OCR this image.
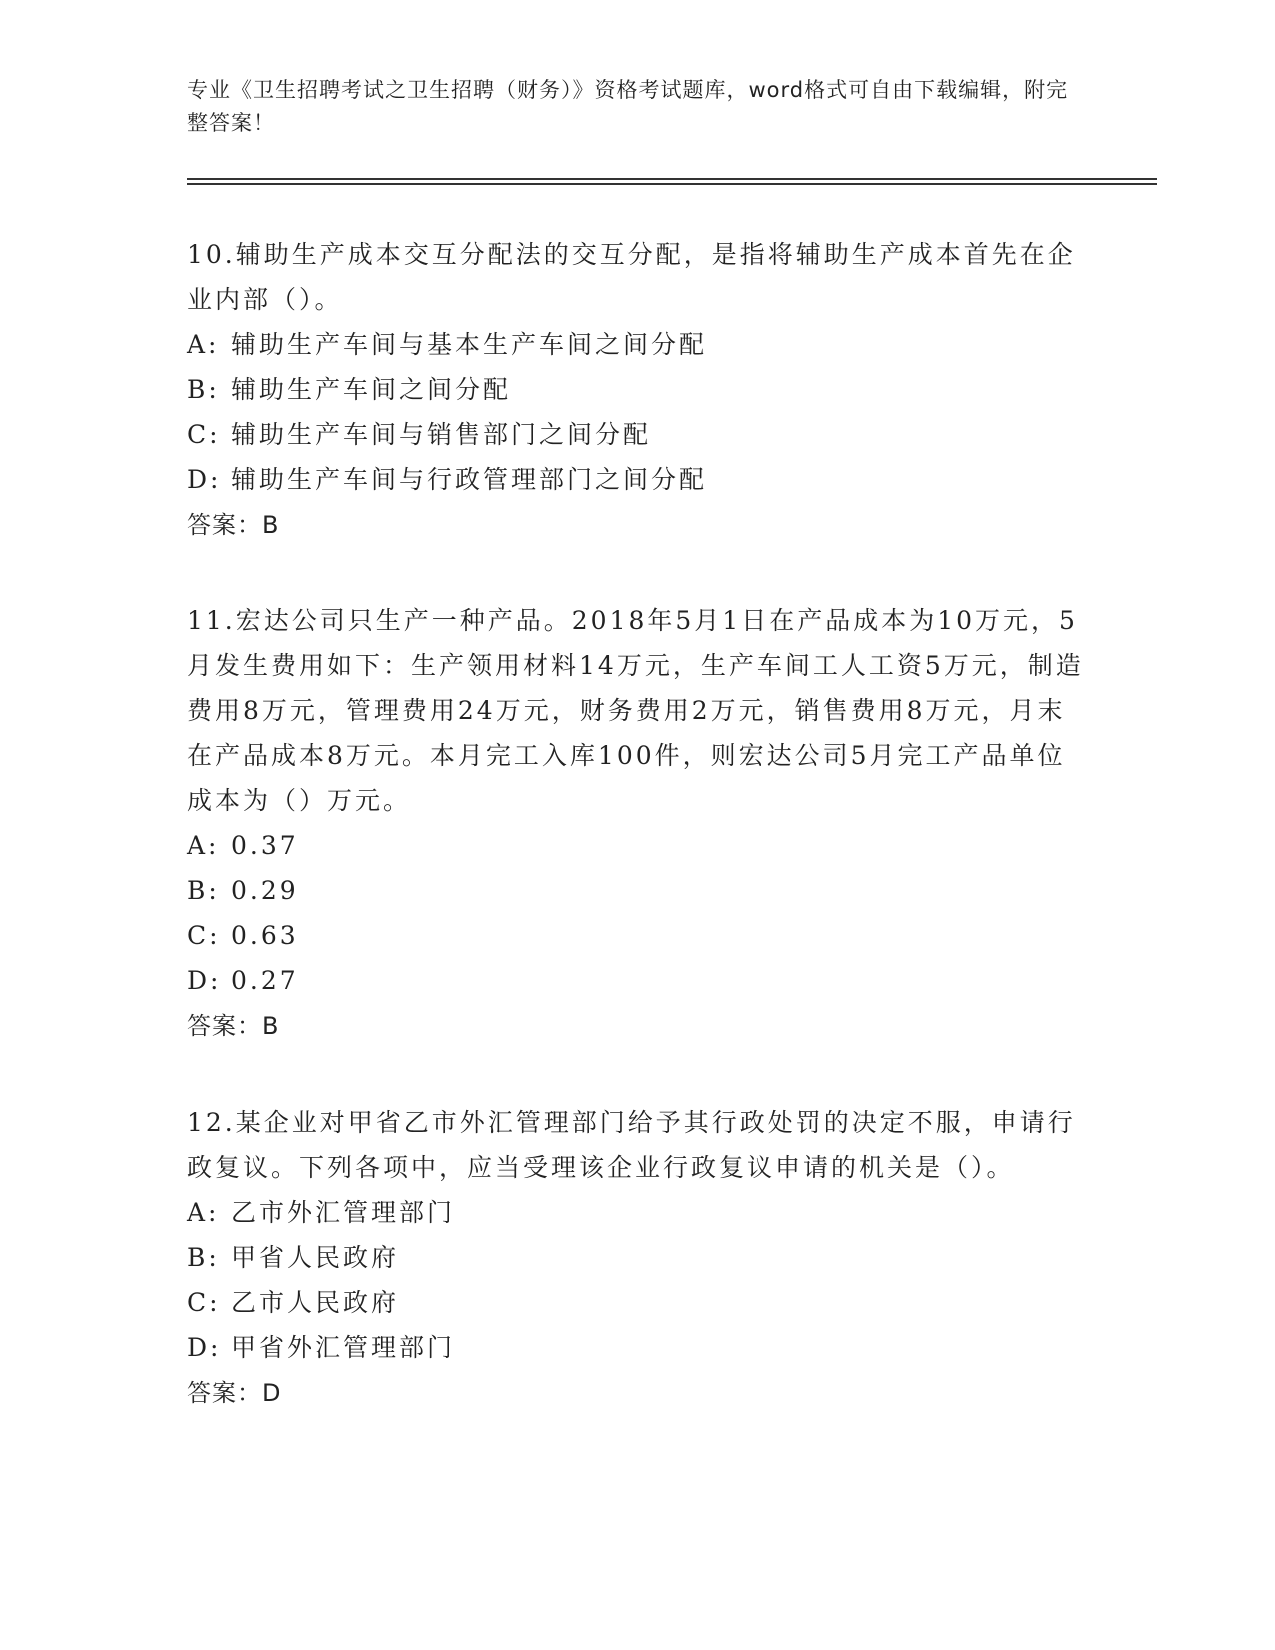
专业《卫生招聘考试之卫生招聘（财务）》资格考试题库，word格式可自由下载编辑，附完整答案！

10.辅助生产成本交互分配法的交互分配，是指将辅助生产成本首先在企业内部（）。

A: 辅助生产车间与基本生产车间之间分配

B: 辅助生产车间之间分配

C: 辅助生产车间与销售部门之间分配

D: 辅助生产车间与行政管理部门之间分配

答案：B

11.宏达公司只生产一种产品。2018年5月1日在产品成本为10万元，5月发生费用如下：生产领用材料14万元，生产车间工人工资5万元，制造费用8万元，管理费用24万元，财务费用2万元，销售费用8万元，月末在产品成本8万元。本月完工入库100件，则宏达公司5月完工产品单位成本为（）万元。

A: 0.37

B: 0.29

C: 0.63

D: 0.27

答案：B

12.某企业对甲省乙市外汇管理部门给予其行政处罚的决定不服，申请行政复议。下列各项中，应当受理该企业行政复议申请的机关是（）。

A: 乙市外汇管理部门

B: 甲省人民政府

C: 乙市人民政府

D: 甲省外汇管理部门

答案：D
